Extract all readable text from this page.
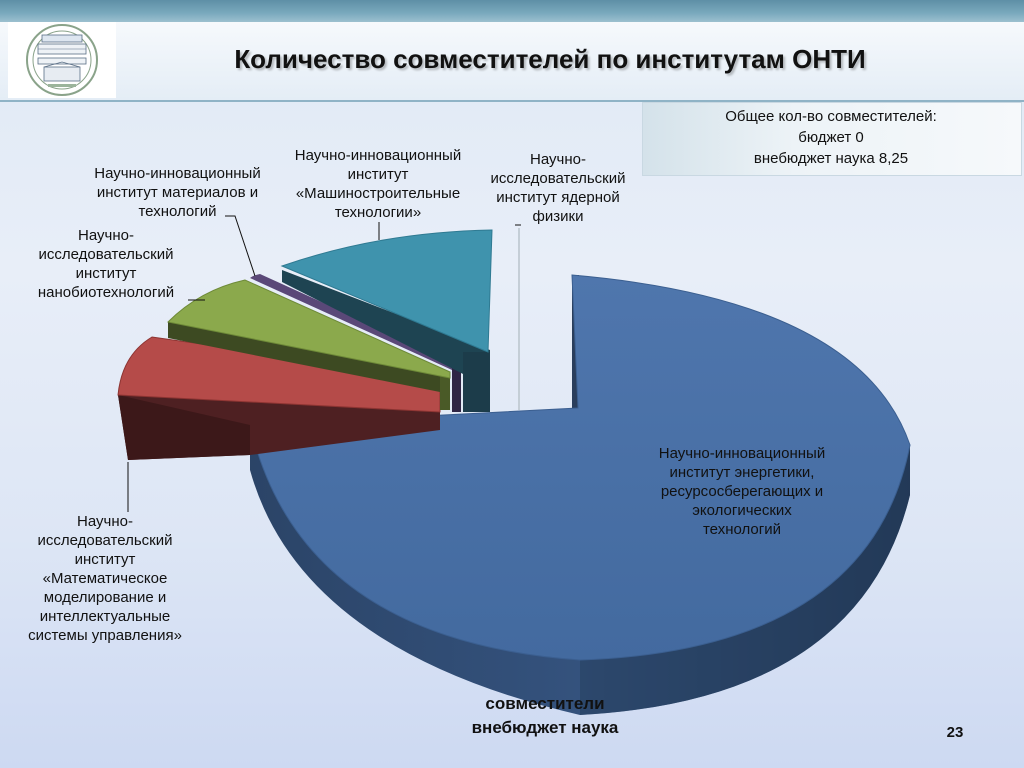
Количество совместителей по институтам ОНТИ
Общее кол-во совместителей:
бюджет 0
внебюджет наука 8,25
Научно-инновационный
институт материалов и
технологий
Научно-инновационный
институт
«Машиностроительные
технологии»
Научно-
исследовательский
институт ядерной
физики
Научно-
исследовательский
институт
нанобиотехнологий
Научно-
исследовательский
институт
«Математическое
моделирование и
интеллектуальные
системы управления»
Научно-инновационный
институт энергетики,
ресурсосберегающих и
экологических
технологий
совместители
внебюджет наука	23
